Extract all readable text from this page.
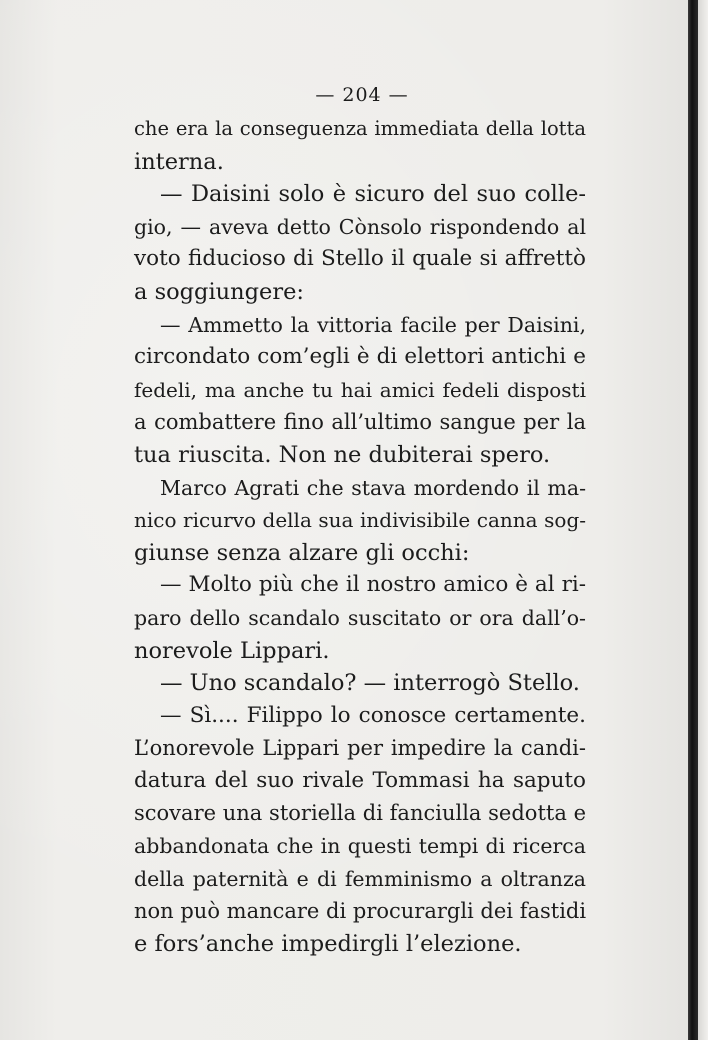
— 204 —
che era la conseguenza immediata della lotta
interna.
— Daisini solo è sicuro del suo colle-
gio, — aveva detto Cònsolo rispondendo al
voto fiducioso di Stello il quale si affrettò
a soggiungere:
— Ammetto la vittoria facile per Daisini,
circondato com’egli è di elettori antichi e
fedeli, ma anche tu hai amici fedeli disposti
a combattere fino all’ultimo sangue per la
tua riuscita. Non ne dubiterai spero.
Marco Agrati che stava mordendo il ma-
nico ricurvo della sua indivisibile canna sog-
giunse senza alzare gli occhi:
— Molto più che il nostro amico è al ri-
paro dello scandalo suscitato or ora dall’o-
norevole Lippari.
— Uno scandalo? — interrogò Stello.
— Sì.... Filippo lo conosce certamente.
L’onorevole Lippari per impedire la candi-
datura del suo rivale Tommasi ha saputo
scovare una storiella di fanciulla sedotta e
abbandonata che in questi tempi di ricerca
della paternità e di femminismo a oltranza
non può mancare di procurargli dei fastidi
e fors’anche impedirgli l’elezione.
